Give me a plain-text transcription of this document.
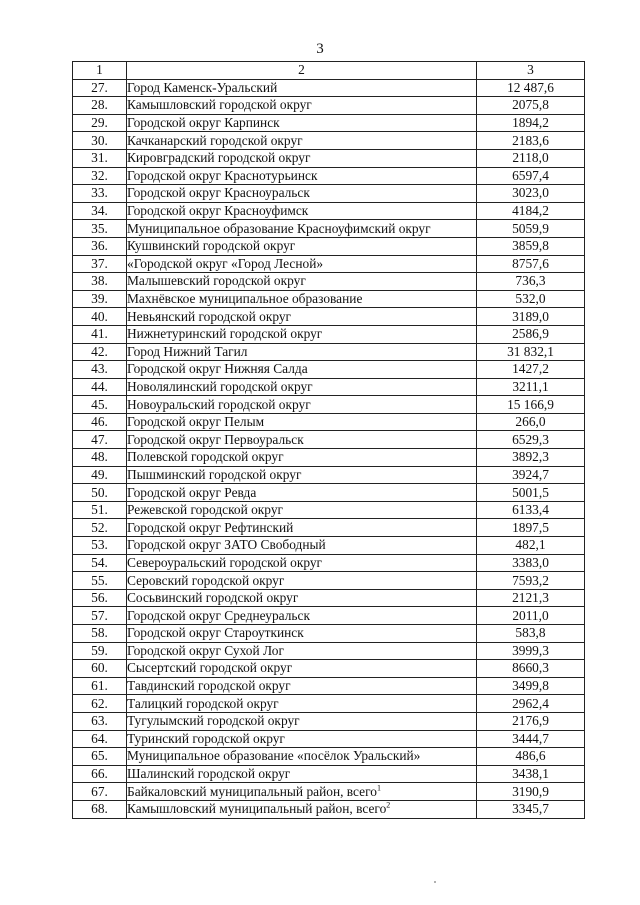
3
1	2	3
27.	Город Каменск-Уральский	12 487,6
28.	Камышловский городской округ	2075,8
29.	Городской округ Карпинск	1894,2
30.	Качканарский городской округ	2183,6
31.	Кировградский городской округ	2118,0
32.	Городской округ Краснотурьинск	6597,4
33.	Городской округ Красноуральск	3023,0
34.	Городской округ Красноуфимск	4184,2
35.	Муниципальное образование Красноуфимский округ	5059,9
36.	Кушвинский городской округ	3859,8
37.	«Городской округ «Город Лесной»	8757,6
38.	Малышевский городской округ	736,3
39.	Махнёвское муниципальное образование	532,0
40.	Невьянский городской округ	3189,0
41.	Нижнетуринский городской округ	2586,9
42.	Город Нижний Тагил	31 832,1
43.	Городской округ Нижняя Салда	1427,2
44.	Новолялинский городской округ	3211,1
45.	Новоуральский городской округ	15 166,9
46.	Городской округ Пелым	266,0
47.	Городской округ Первоуральск	6529,3
48.	Полевской городской округ	3892,3
49.	Пышминский городской округ	3924,7
50.	Городской округ Ревда	5001,5
51.	Режевской городской округ	6133,4
52.	Городской округ Рефтинский	1897,5
53.	Городской округ ЗАТО Свободный	482,1
54.	Североуральский городской округ	3383,0
55.	Серовский городской округ	7593,2
56.	Сосьвинский городской округ	2121,3
57.	Городской округ Среднеуральск	2011,0
58.	Городской округ Староуткинск	583,8
59.	Городской округ Сухой Лог	3999,3
60.	Сысертский городской округ	8660,3
61.	Тавдинский городской округ	3499,8
62.	Талицкий городской округ	2962,4
63.	Тугулымский городской округ	2176,9
64.	Туринский городской округ	3444,7
65.	Муниципальное образование «посёлок Уральский»	486,6
66.	Шалинский городской округ	3438,1
67.	Байкаловский муниципальный район, всего$^1$	3190,9
68.	Камышловский муниципальный район, всего$^2$	3345,7
